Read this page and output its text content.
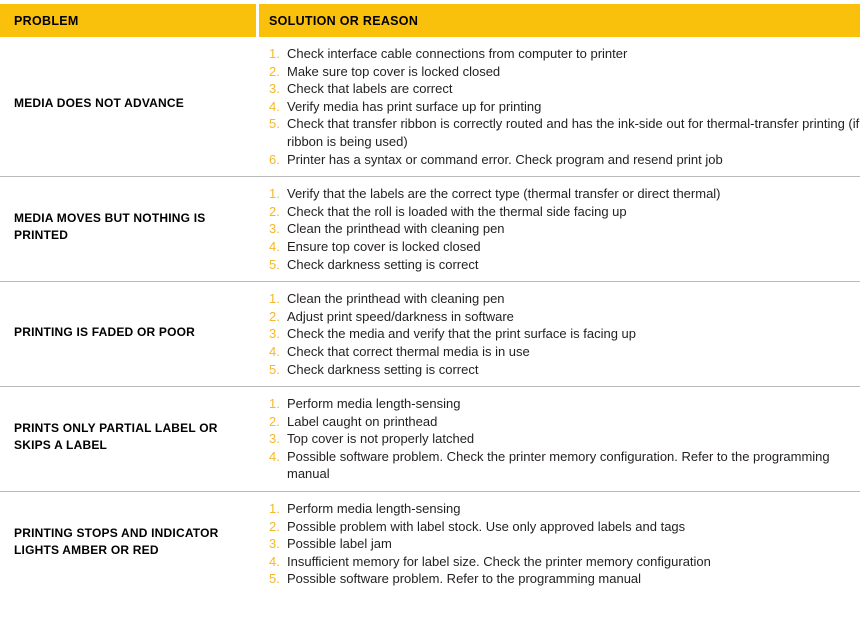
PROBLEM	SOLUTION OR REASON
MEDIA DOES NOT ADVANCE
1. Check interface cable connections from computer to printer
2. Make sure top cover is locked closed
3. Check that labels are correct
4. Verify media has print surface up for printing
5. Check that transfer ribbon is correctly routed and has the ink-side out for thermal-transfer printing (if ribbon is being used)
6. Printer has a syntax or command error. Check program and resend print job
MEDIA MOVES BUT NOTHING IS PRINTED
1. Verify that the labels are the correct type (thermal transfer or direct thermal)
2. Check that the roll is loaded with the thermal side facing up
3. Clean the printhead with cleaning pen
4. Ensure top cover is locked closed
5. Check darkness setting is correct
PRINTING IS FADED OR POOR
1. Clean the printhead with cleaning pen
2. Adjust print speed/darkness in software
3. Check the media and verify that the print surface is facing up
4. Check that correct thermal media is in use
5. Check darkness setting is correct
PRINTS ONLY PARTIAL LABEL OR SKIPS A LABEL
1. Perform media length-sensing
2. Label caught on printhead
3. Top cover is not properly latched
4. Possible software problem. Check the printer memory configuration. Refer to the programming manual
PRINTING STOPS AND INDICATOR LIGHTS AMBER OR RED
1. Perform media length-sensing
2. Possible problem with label stock. Use only approved labels and tags
3. Possible label jam
4. Insufficient memory for label size. Check the printer memory configuration
5. Possible software problem. Refer to the programming manual
